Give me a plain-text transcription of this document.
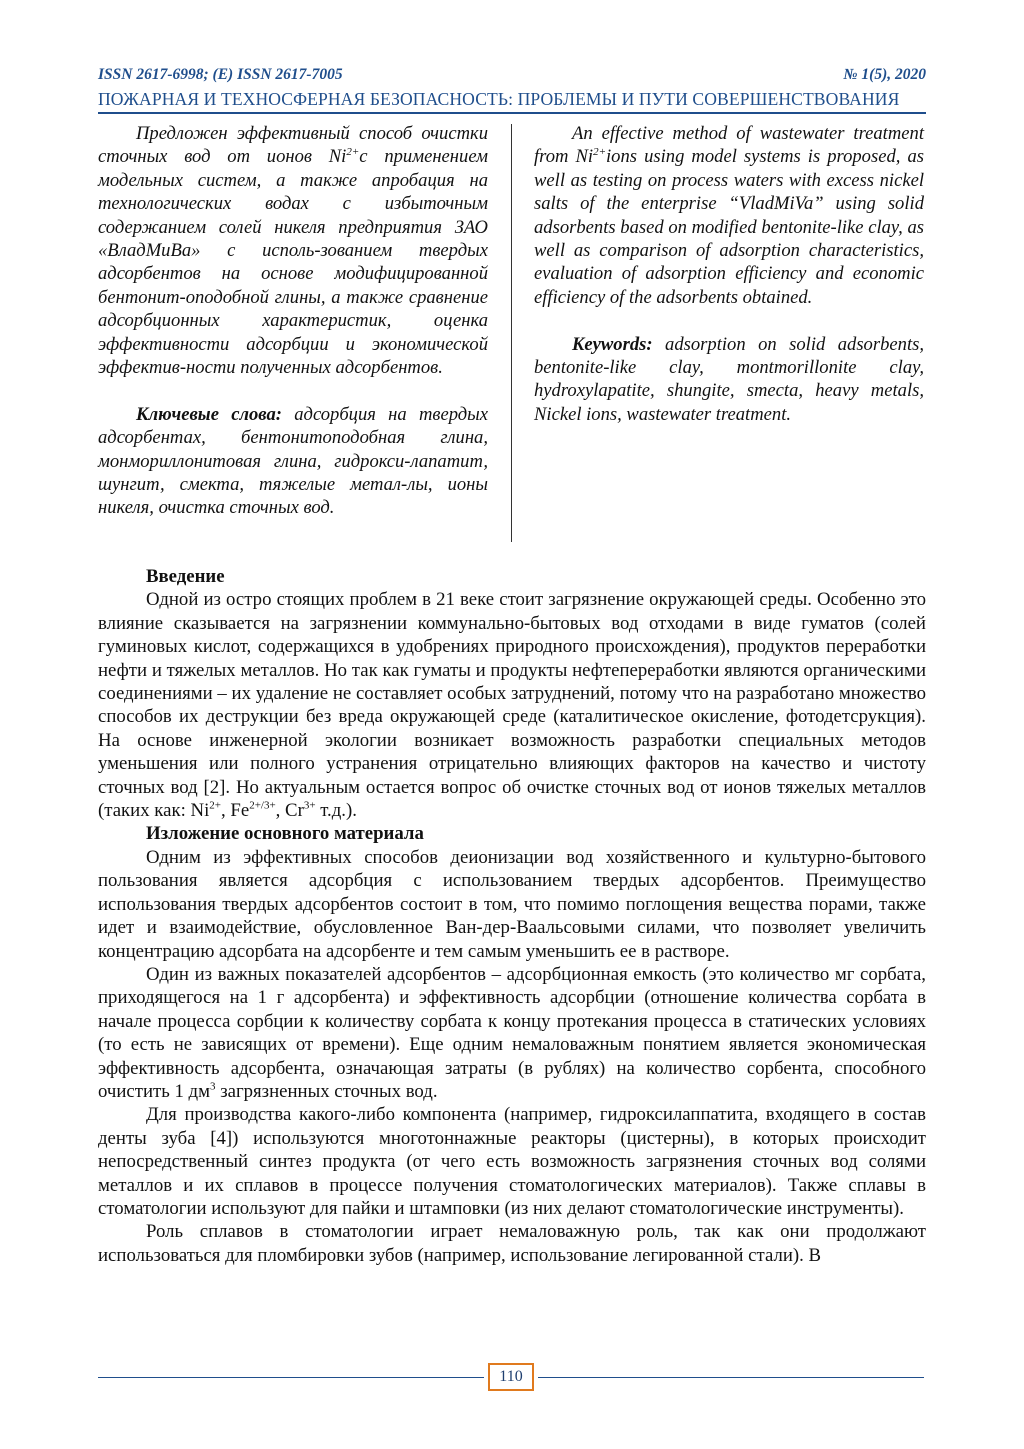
ISSN 2617-6998; (E) ISSN 2617-7005	№ 1(5), 2020
ПОЖАРНАЯ И ТЕХНОСФЕРНАЯ БЕЗОПАСНОСТЬ: ПРОБЛЕМЫ И ПУТИ СОВЕРШЕНСТВОВАНИЯ

Предложен эффективный способ очистки сточных вод от ионов $Ni^{2+}с$ применением модельных систем, а также апробация на технологических водах с избыточным содержанием солей никеля предприятия ЗАО «ВладМиВа» с исполь-зованием твердых адсорбентов на основе модифицированной бентонит-оподобной глины, а также сравнение адсорбционных характеристик, оценка эффективности адсорбции и экономической эффектив-ности полученных адсорбентов.

Ключевые слова: адсорбция на твердых адсорбентах, бентонитоподобная глина, монмориллонитовая глина, гидрокси-лапатит, шунгит, смекта, тяжелые метал-лы, ионы никеля, очистка сточных вод.

An effective method of wastewater treatment from $Ni^{2+}ions$ using model systems is proposed, as well as testing on process waters with excess nickel salts of the enterprise “VladMiVa” using solid adsorbents based on modified bentonite-like clay, as well as comparison of adsorption characteristics, evaluation of adsorption efficiency and economic efficiency of the adsorbents obtained.

Keywords: adsorption on solid adsorbents, bentonite-like clay, montmorillonite clay, hydroxylapatite, shungite, smecta, heavy metals, Nickel ions, wastewater treatment.

Введение

Одной из остро стоящих проблем в 21 веке стоит загрязнение окружающей среды. Особенно это влияние сказывается на загрязнении коммунально-бытовых вод отходами в виде гуматов (солей гуминовых кислот, содержащихся в удобрениях природного происхождения), продуктов переработки нефти и тяжелых металлов. Но так как гуматы и продукты нефтепереработки являются органическими соединениями – их удаление не составляет особых затруднений, потому что на разработано множество способов их деструкции без вреда окружающей среде (каталитическое окисление, фотодетсрукция). На основе инженерной экологии возникает возможность разработки специальных методов уменьшения или полного устранения отрицательно влияющих факторов на качество и чистоту сточных вод [2]. Но актуальным остается вопрос об очистке сточных вод от ионов тяжелых металлов (таких как: $Ni^{2+}$, $Fe^{2+/3+}$, $Cr^{3+}$ т.д.).

Изложение основного материала

Одним из эффективных способов деионизации вод хозяйственного и культурно-бытового пользования является адсорбция с использованием твердых адсорбентов. Преимущество использования твердых адсорбентов состоит в том, что помимо поглощения вещества порами, также идет и взаимодействие, обусловленное Ван-дер-Ваальсовыми силами, что позволяет увеличить концентрацию адсорбата на адсорбенте и тем самым уменьшить ее в растворе.

Один из важных показателей адсорбентов – адсорбционная емкость (это количество мг сорбата, приходящегося на 1 г адсорбента) и эффективность адсорбции (отношение количества сорбата в начале процесса сорбции к количеству сорбата к концу протекания процесса в статических условиях (то есть не зависящих от времени). Еще одним немаловажным понятием является экономическая эффективность адсорбента, означающая затраты (в рублях) на количество сорбента, способного очистить 1 $дм^3$ загрязненных сточных вод.

Для производства какого-либо компонента (например, гидроксилаппатита, входящего в состав денты зуба [4]) используются многотоннажные реакторы (цистерны), в которых происходит непосредственный синтез продукта (от чего есть возможность загрязнения сточных вод солями металлов и их сплавов в процессе получения стоматологических материалов). Также сплавы в стоматологии используют для пайки и штамповки (из них делают стоматологические инструменты).

Роль сплавов в стоматологии играет немаловажную роль, так как они продолжают использоваться для пломбировки зубов (например, использование легированной стали). В

110
